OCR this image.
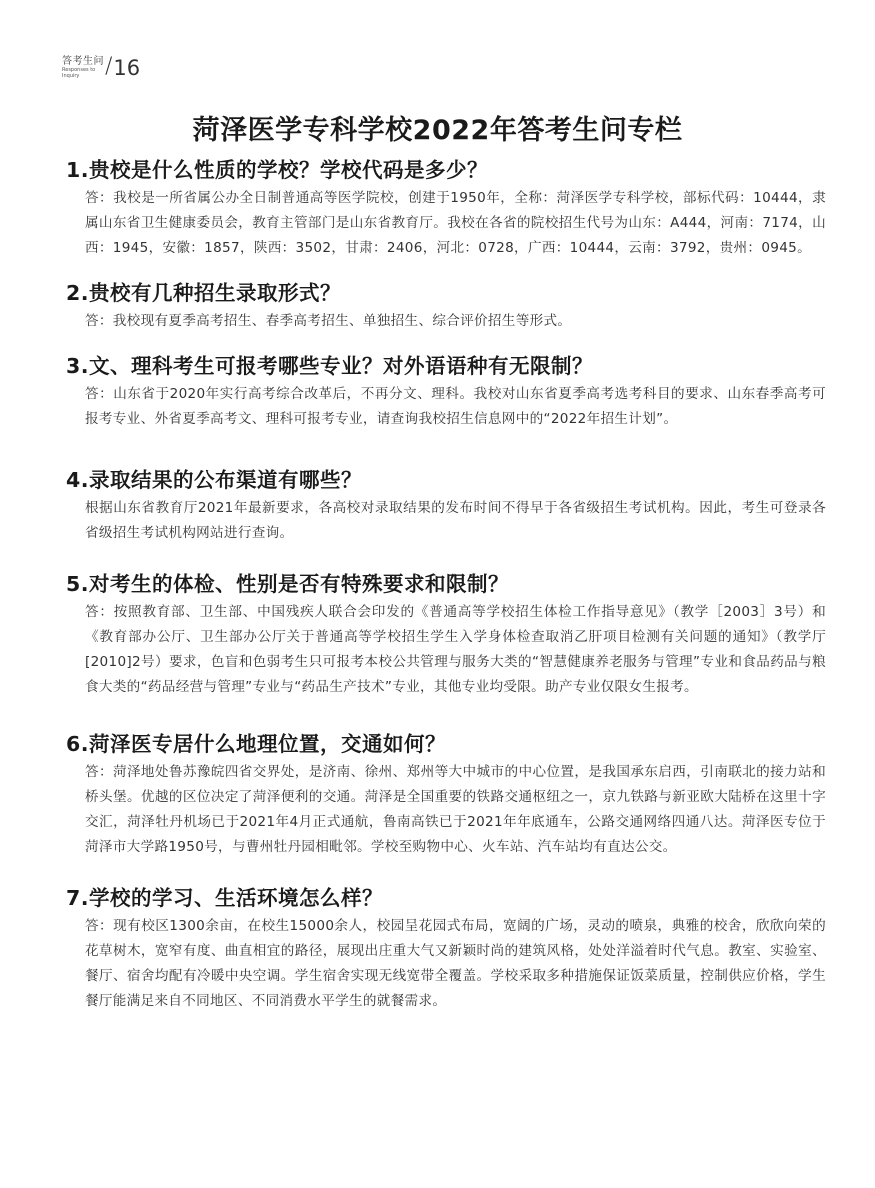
答考生问
Responses to
Inquiry	/ 16
菏泽医学专科学校2022年答考生问专栏

1.贵校是什么性质的学校？学校代码是多少？

答：我校是一所省属公办全日制普通高等医学院校，创建于1950年，全称：菏泽医学专科学校，部标代码：10444，隶属山东省卫生健康委员会，教育主管部门是山东省教育厅。我校在各省的院校招生代号为山东：A444，河南：7174，山西：1945，安徽：1857，陕西：3502，甘肃：2406，河北：0728，广西：10444，云南：3792，贵州：0945。

2.贵校有几种招生录取形式？

答：我校现有夏季高考招生、春季高考招生、单独招生、综合评价招生等形式。

3.文、理科考生可报考哪些专业？对外语语种有无限制？

答：山东省于2020年实行高考综合改革后，不再分文、理科。我校对山东省夏季高考选考科目的要求、山东春季高考可报考专业、外省夏季高考文、理科可报考专业，请查询我校招生信息网中的“2022年招生计划”。

4.录取结果的公布渠道有哪些？

根据山东省教育厅2021年最新要求，各高校对录取结果的发布时间不得早于各省级招生考试机构。因此，考生可登录各省级招生考试机构网站进行查询。

5.对考生的体检、性别是否有特殊要求和限制？

答：按照教育部、卫生部、中国残疾人联合会印发的《普通高等学校招生体检工作指导意见》（教学［2003］3号）和《教育部办公厅、卫生部办公厅关于普通高等学校招生学生入学身体检查取消乙肝项目检测有关问题的通知》（教学厅[2010]2号）要求，色盲和色弱考生只可报考本校公共管理与服务大类的“智慧健康养老服务与管理”专业和食品药品与粮食大类的“药品经营与管理”专业与“药品生产技术”专业，其他专业均受限。助产专业仅限女生报考。

6.菏泽医专居什么地理位置，交通如何？

答：菏泽地处鲁苏豫皖四省交界处，是济南、徐州、郑州等大中城市的中心位置，是我国承东启西，引南联北的接力站和桥头堡。优越的区位决定了菏泽便利的交通。菏泽是全国重要的铁路交通枢纽之一，京九铁路与新亚欧大陆桥在这里十字交汇，菏泽牡丹机场已于2021年4月正式通航，鲁南高铁已于2021年年底通车，公路交通网络四通八达。菏泽医专位于菏泽市大学路1950号，与曹州牡丹园相毗邻。学校至购物中心、火车站、汽车站均有直达公交。

7.学校的学习、生活环境怎么样？

答：现有校区1300余亩，在校生15000余人，校园呈花园式布局，宽阔的广场，灵动的喷泉，典雅的校舍，欣欣向荣的花草树木，宽窄有度、曲直相宜的路径，展现出庄重大气又新颖时尚的建筑风格，处处洋溢着时代气息。教室、实验室、餐厅、宿舍均配有冷暖中央空调。学生宿舍实现无线宽带全覆盖。学校采取多种措施保证饭菜质量，控制供应价格，学生餐厅能满足来自不同地区、不同消费水平学生的就餐需求。
